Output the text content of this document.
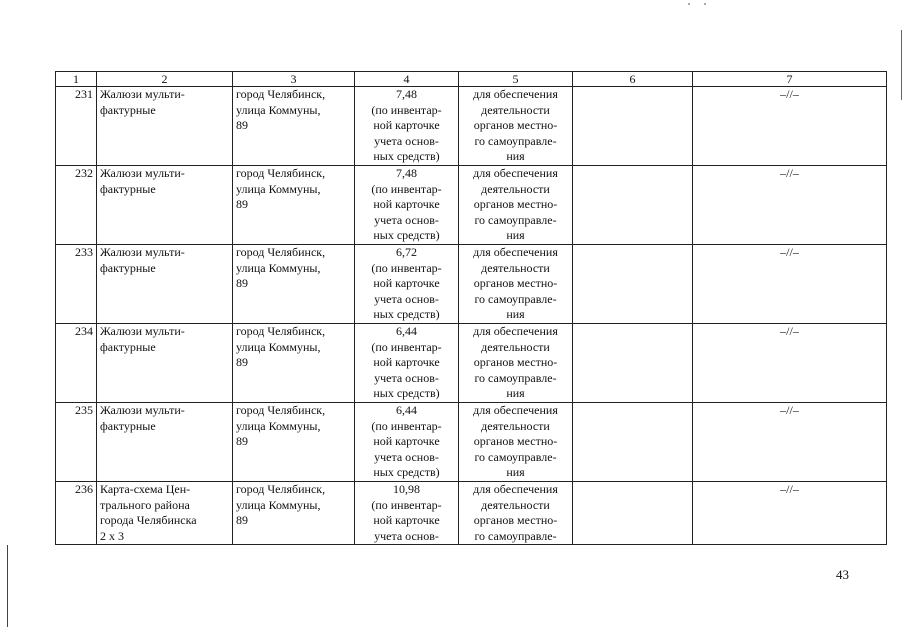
1	2	3	4	5	6	7

231	Жалюзи мульти-
фактурные	город Челябинск,
улица Коммуны,
89	7,48
(по инвентар-
ной карточке
учета основ-
ных средств)	для обеспечения
деятельности
органов местно-
го самоуправле-
ния		–//–

232	Жалюзи мульти-
фактурные	город Челябинск,
улица Коммуны,
89	7,48
(по инвентар-
ной карточке
учета основ-
ных средств)	для обеспечения
деятельности
органов местно-
го самоуправле-
ния		–//–

233	Жалюзи мульти-
фактурные	город Челябинск,
улица Коммуны,
89	6,72
(по инвентар-
ной карточке
учета основ-
ных средств)	для обеспечения
деятельности
органов местно-
го самоуправле-
ния		–//–

234	Жалюзи мульти-
фактурные	город Челябинск,
улица Коммуны,
89	6,44
(по инвентар-
ной карточке
учета основ-
ных средств)	для обеспечения
деятельности
органов местно-
го самоуправле-
ния		–//–

235	Жалюзи мульти-
фактурные	город Челябинск,
улица Коммуны,
89	6,44
(по инвентар-
ной карточке
учета основ-
ных средств)	для обеспечения
деятельности
органов местно-
го самоуправле-
ния		–//–

236	Карта-схема Цен-
трального района
города Челябинска
2 х 3	город Челябинск,
улица Коммуны,
89	10,98
(по инвентар-
ной карточке
учета основ-	для обеспечения
деятельности
органов местно-
го самоуправле-		–//–
43
